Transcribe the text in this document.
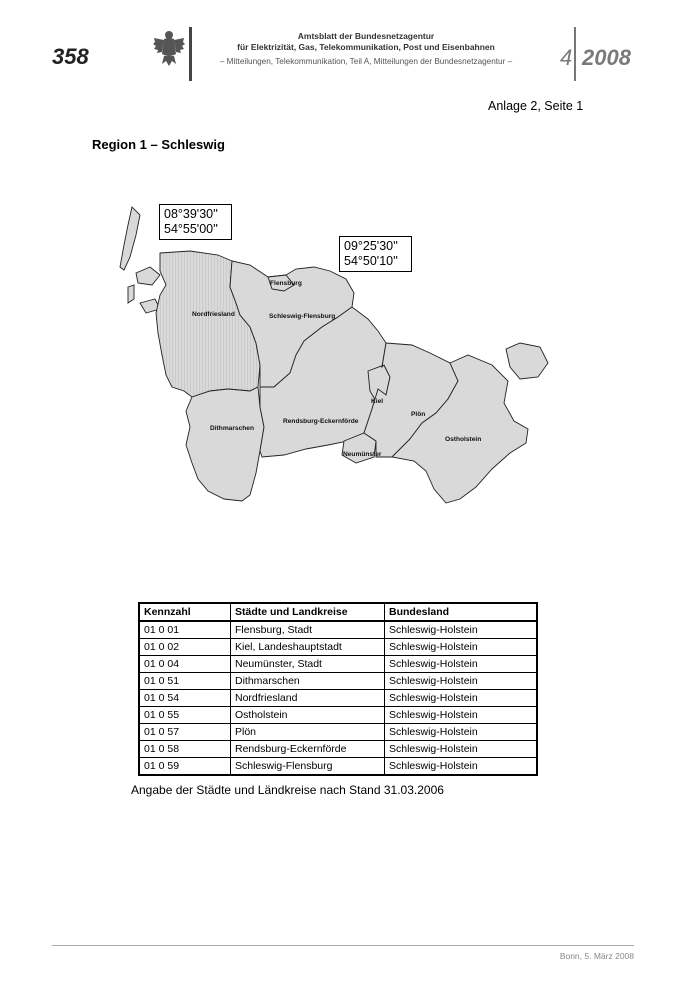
358
Amtsblatt der Bundesnetzagentur
für Elektrizität, Gas, Telekommunikation, Post und Eisenbahnen
– Mitteilungen, Telekommunikation, Teil A, Mitteilungen der Bundesnetzagentur –	4 2008
Anlage 2, Seite 1
Region 1 – Schleswig
08°39'30''
54°55'00''
09°25'30''
54°50'10''
Flensburg
Nordfriesland	Schleswig-Flensburg
Kiel
Plön
Dithmarschen
Rendsburg-Eckernförde
Ostholstein
Neumünster
Kennzahl	Städte und Landkreise	Bundesland
01 0 01	Flensburg, Stadt	Schleswig-Holstein
01 0 02	Kiel, Landeshauptstadt	Schleswig-Holstein
01 0 04	Neumünster, Stadt	Schleswig-Holstein
01 0 51	Dithmarschen	Schleswig-Holstein
01 0 54	Nordfriesland	Schleswig-Holstein
01 0 55	Ostholstein	Schleswig-Holstein
01 0 57	Plön	Schleswig-Holstein
01 0 58	Rendsburg-Eckernförde	Schleswig-Holstein
01 0 59	Schleswig-Flensburg	Schleswig-Holstein
Angabe der Städte und Ländkreise nach Stand 31.03.2006
Bonn, 5. März 2008
